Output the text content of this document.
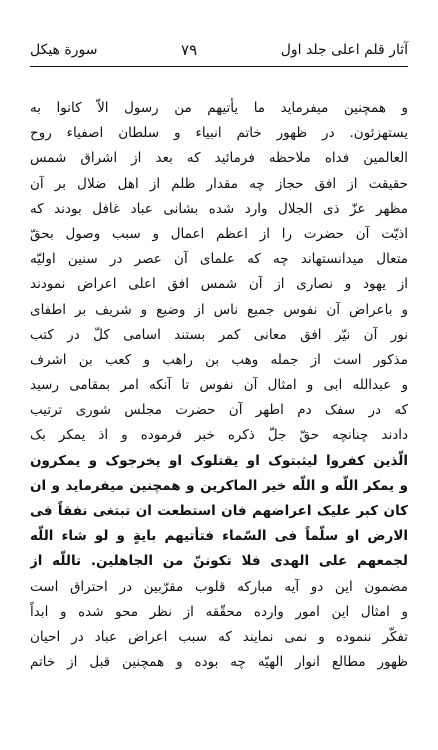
آثار قلم اعلی جلد اول
۷۹
سورة هیکل
و همچنین میفرماید ما یأتیهم من رسول الاّ کانوا به
یستهزئون. در ظهور خاتم انبیاء و سلطان اصفیاء روح
العالمین فداه ملاحظه فرمائید که بعد از اشراق شمس
حقیقت از افق حجاز چه مقدار ظلم از اهل ضلال بر آن
مظهر عزّ ذی الجلال وارد شده بشانی عباد غافل بودند که
اذیّت آن حضرت را از اعظم اعمال و سبب وصول بحقّ
متعال میدانستهاند چه که علمای آن عصر در سنین اولیّه
از یهود و نصاری از آن شمس افق اعلی اعراض نمودند
و باعراض آن نفوس جمیع ناس از وضیع و شریف بر اطفای
نور آن نیّر افق معانی کمر بستند اسامی کلّ در کتب
مذکور است از جمله وهب بن راهب و کعب بن اشرف
و عبدالله ابی و امثال آن نفوس تا آنکه امر بمقامی رسید
که در سفک دم اطهر آن حضرت مجلس شوری ترتیب
دادند چنانچه حقّ جلّ ذکره خبر فرموده و اذ یمکر بک
الّذین کفروا لیثبتوک او یقتلوک او یخرجوک و یمکرون
و یمکر اللّه و اللّه خیر الماکرین و همچنین میفرماید و ان
کان کبر علیک اعراضهم فان استطعت ان تبتغی نفقاً فی
الارض او سلّماً فی السّماء فتأتیهم بایةٍ و لو شاء اللّه
لجمعهم علی الهدی فلا تکوننّ من الجاهلین. تاللّه از
مضمون این دو آیه مبارکه قلوب مقرّبین در احتراق است
و امثال این امور وارده محقّقه از نظر محو شده و ابداً
تفکّر ننموده و نمی نمایند که سبب اعراض عباد در احیان
ظهور مطالع انوار الهیّه چه بوده و همچنین قبل از خاتم
